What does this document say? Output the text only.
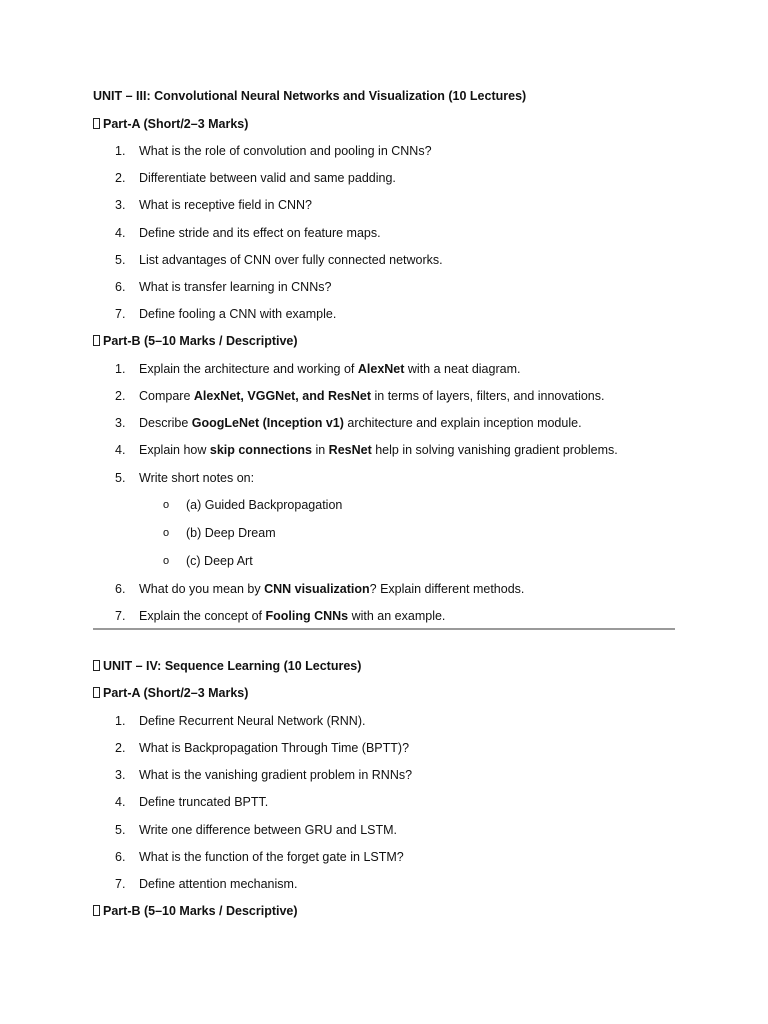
UNIT – III: Convolutional Neural Networks and Visualization (10 Lectures)
Part-A (Short/2–3 Marks)
1. What is the role of convolution and pooling in CNNs?
2. Differentiate between valid and same padding.
3. What is receptive field in CNN?
4. Define stride and its effect on feature maps.
5. List advantages of CNN over fully connected networks.
6. What is transfer learning in CNNs?
7. Define fooling a CNN with example.
Part-B (5–10 Marks / Descriptive)
1. Explain the architecture and working of AlexNet with a neat diagram.
2. Compare AlexNet, VGGNet, and ResNet in terms of layers, filters, and innovations.
3. Describe GoogLeNet (Inception v1) architecture and explain inception module.
4. Explain how skip connections in ResNet help in solving vanishing gradient problems.
5. Write short notes on:
o (a) Guided Backpropagation
o (b) Deep Dream
o (c) Deep Art
6. What do you mean by CNN visualization? Explain different methods.
7. Explain the concept of Fooling CNNs with an example.
UNIT – IV: Sequence Learning (10 Lectures)
Part-A (Short/2–3 Marks)
1. Define Recurrent Neural Network (RNN).
2. What is Backpropagation Through Time (BPTT)?
3. What is the vanishing gradient problem in RNNs?
4. Define truncated BPTT.
5. Write one difference between GRU and LSTM.
6. What is the function of the forget gate in LSTM?
7. Define attention mechanism.
Part-B (5–10 Marks / Descriptive)
